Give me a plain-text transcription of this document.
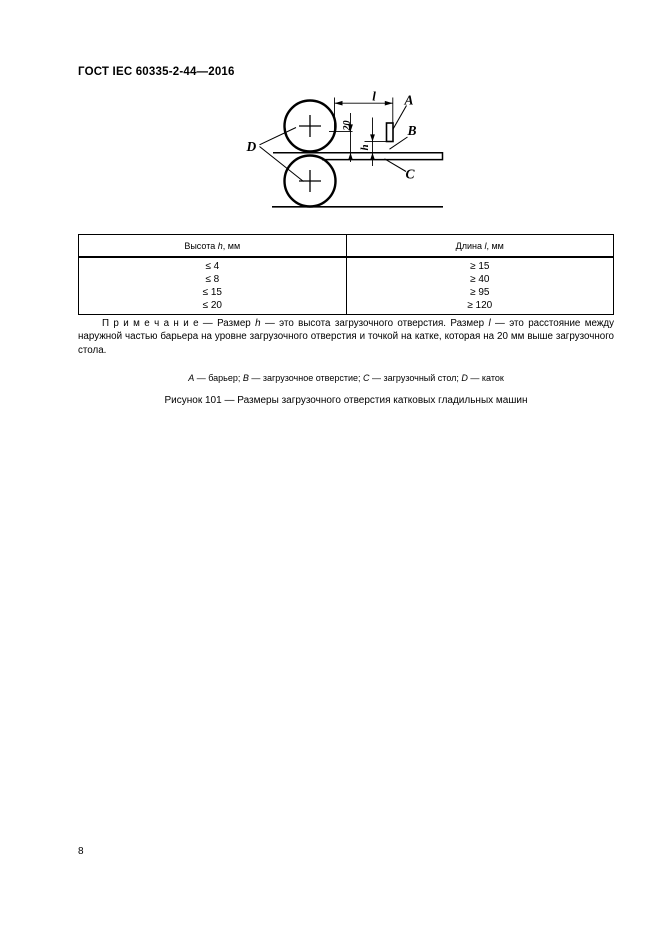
ГОСТ IEC 60335-2-44—2016
l A
B
C
D
20
h
Высота h, мм	Длина l, мм
≤ 4	≥ 15
≤ 8	≥ 40
≤ 15	≥ 95
≤ 20	≥ 120
П р и м е ч а н и е — Размер h — это высота загрузочного отверстия. Размер l — это расстояние между наружной частью барьера на уровне загрузочного отверстия и точкой на катке, которая на 20 мм выше загрузочного стола.
A — барьер; B — загрузочное отверстие; C — загрузочный стол; D — каток
Рисунок 101 — Размеры загрузочного отверстия катковых гладильных машин
8
